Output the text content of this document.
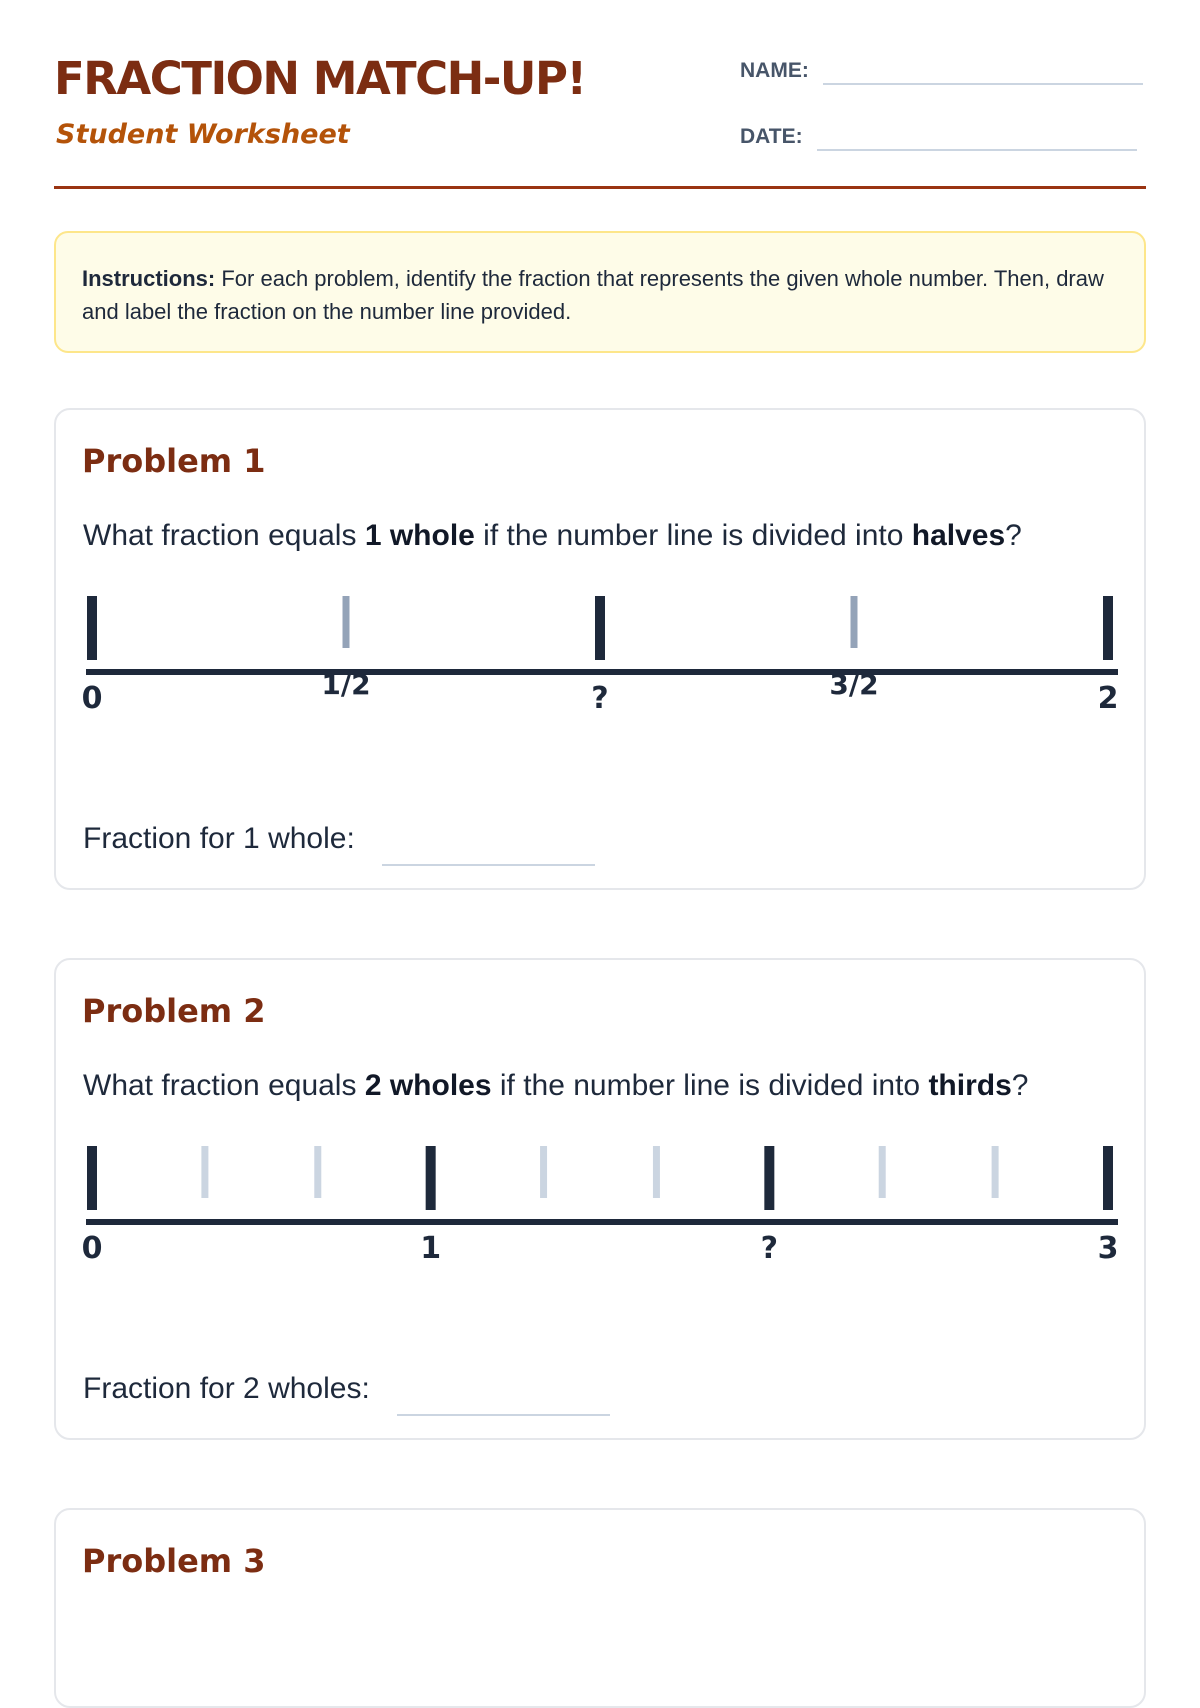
FRACTION MATCH-UP!
Student Worksheet
NAME:
DATE:
Instructions: For each problem, identify the fraction that represents the given whole number. Then, draw and label the fraction on the number line provided.
Problem 1

What fraction equals 1 whole if the number line is divided into halves?

0	1/2	?	3/2	2
Fraction for 1 whole:
Problem 2

What fraction equals 2 wholes if the number line is divided into thirds?

0	1	?	3
Fraction for 2 wholes:
Problem 3
